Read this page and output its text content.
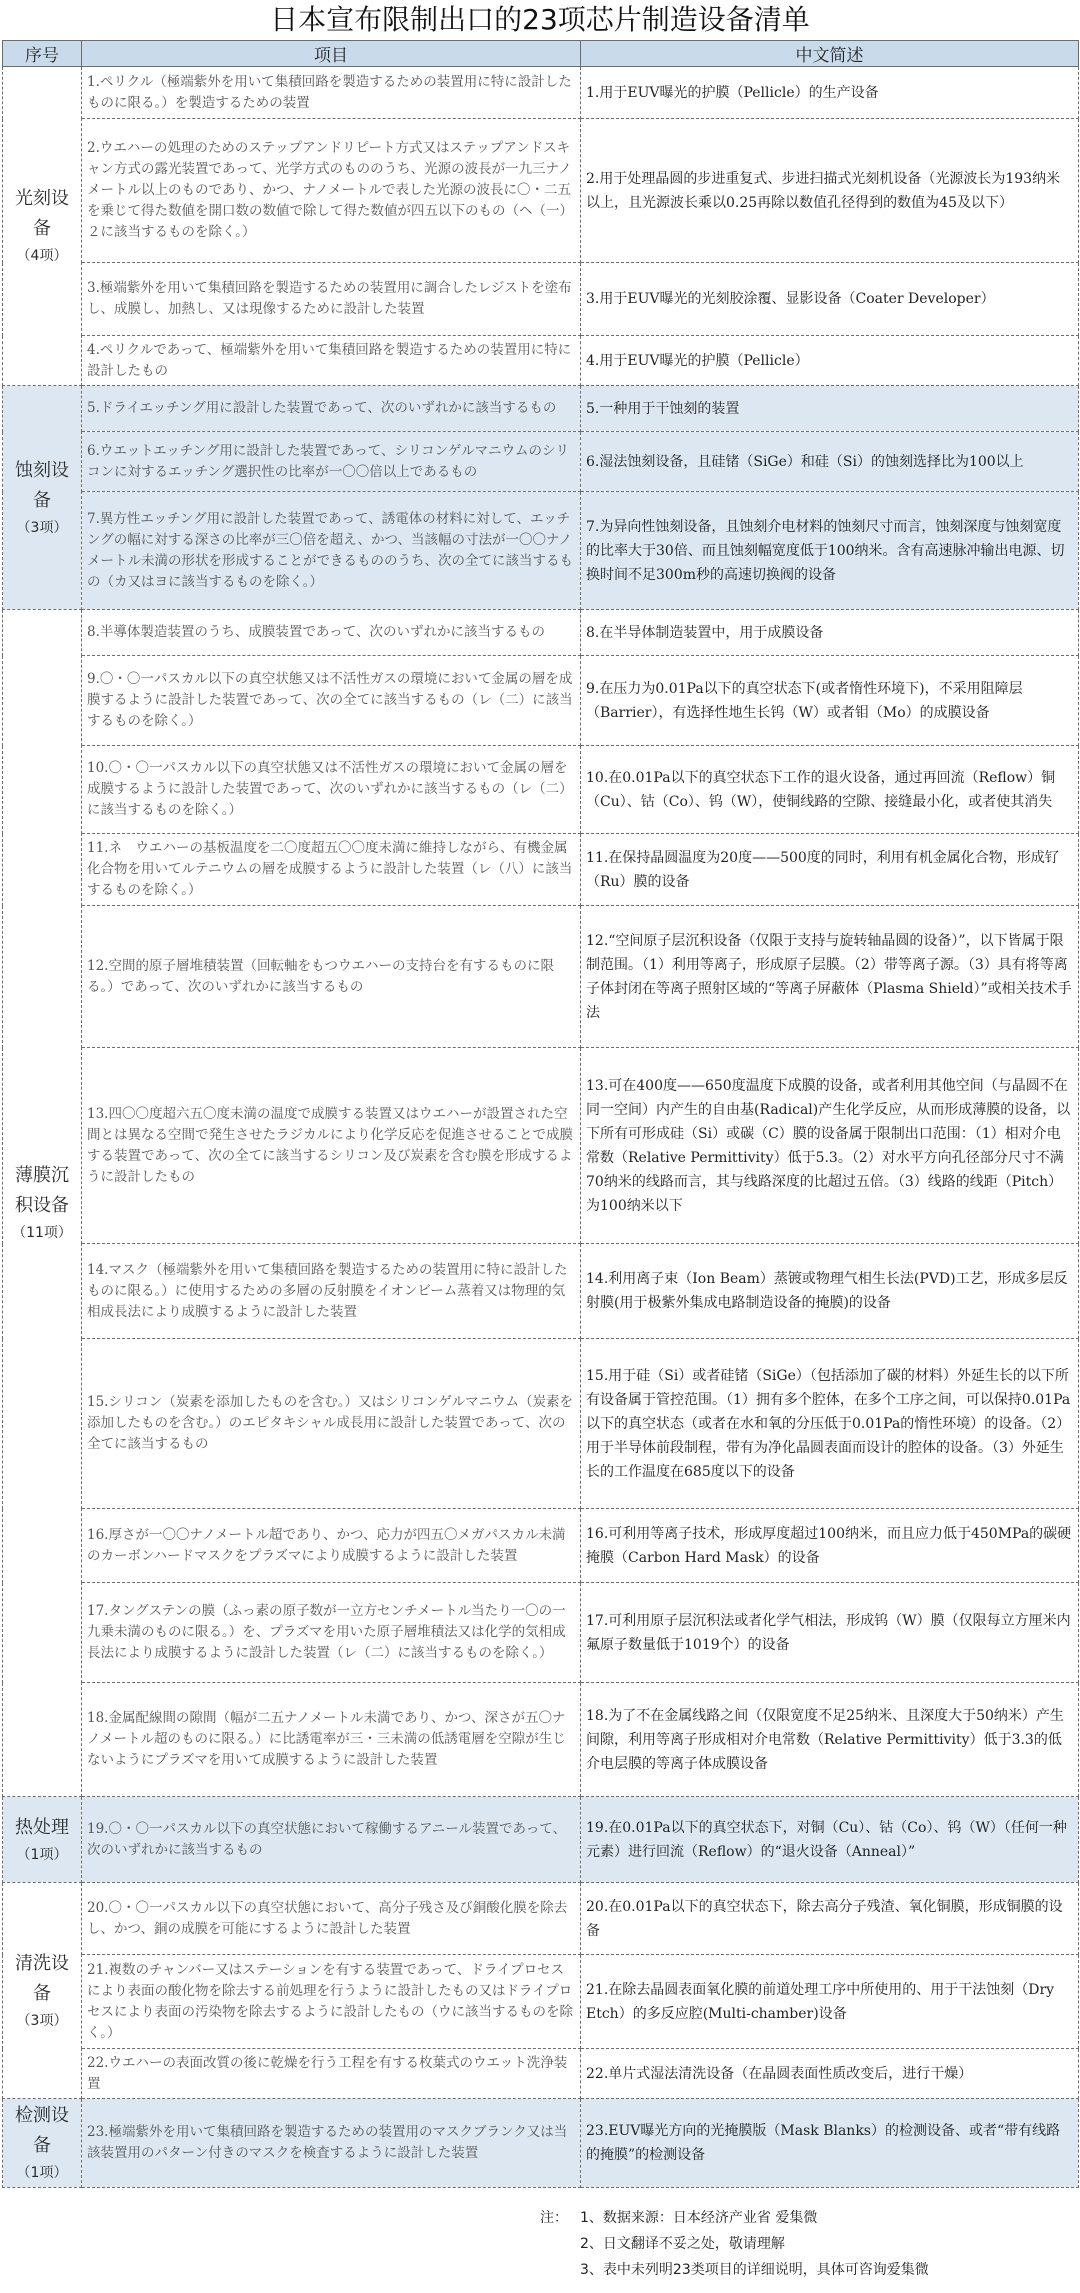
日本宣布限制出口的23项芯片制造设备清单
序号	项目	中文简述
光刻设备
（4项）	1.ペリクル（極端紫外を用いて集積回路を製造するための装置用に特に設計したものに限る。）を製造するための装置	1.用于EUV曝光的护膜（Pellicle）的生产设备
	2.ウエハーの処理のためのステップアンドリピート方式又はステップアンドスキャン方式の露光装置であって、光学方式のもののうち、光源の波長が一九三ナノメートル以上のものであり、かつ、ナノメートルで表した光源の波長に〇・二五を乗じて得た数値を開口数の数値で除して得た数値が四五以下のもの（ヘ（一）２に該当するものを除く。）	2.用于处理晶圆的步进重复式、步进扫描式光刻机设备（光源波长为193纳米以上，且光源波长乘以0.25再除以数值孔径得到的数值为45及以下）
	3.極端紫外を用いて集積回路を製造するための装置用に調合したレジストを塗布し、成膜し、加熱し、又は現像するために設計した装置	3.用于EUV曝光的光刻胶涂覆、显影设备（Coater Developer）
	4.ペリクルであって、極端紫外を用いて集積回路を製造するための装置用に特に設計したもの	4.用于EUV曝光的护膜（Pellicle）
蚀刻设备
（3项）	5.ドライエッチング用に設計した装置であって、次のいずれかに該当するもの	5.一种用于干蚀刻的装置
	6.ウエットエッチング用に設計した装置であって、シリコンゲルマニウムのシリコンに対するエッチング選択性の比率が一〇〇倍以上であるもの	6.湿法蚀刻设备，且硅锗（SiGe）和硅（Si）的蚀刻选择比为100以上
	7.異方性エッチング用に設計した装置であって、誘電体の材料に対して、エッチングの幅に対する深さの比率が三〇倍を超え、かつ、当該幅の寸法が一〇〇ナノメートル未満の形状を形成することができるもののうち、次の全てに該当するもの（カ又はヨに該当するものを除く。）	7.为异向性蚀刻设备，且蚀刻介电材料的蚀刻尺寸而言，蚀刻深度与蚀刻宽度的比率大于30倍、而且蚀刻幅宽度低于100纳米。含有高速脉冲输出电源、切换时间不足300m秒的高速切换阀的设备

薄膜沉积设备
（11项）	8.半導体製造装置のうち、成膜装置であって、次のいずれかに該当するもの	8.在半导体制造装置中，用于成膜设备
	9.〇・〇一パスカル以下の真空状態又は不活性ガスの環境において金属の層を成膜するように設計した装置であって、次の全てに該当するもの（レ（二）に該当するものを除く。）	9.在压力为0.01Pa以下的真空状态下(或者惰性环境下)，不采用阻障层（Barrier），有选择性地生长钨（W）或者钼（Mo）的成膜设备
	10.〇・〇一パスカル以下の真空状態又は不活性ガスの環境において金属の層を成膜するように設計した装置であって、次のいずれかに該当するもの（レ（二）に該当するものを除く。）	10.在0.01Pa以下的真空状态下工作的退火设备，通过再回流（Reflow）铜（Cu）、钴（Co）、钨（W），使铜线路的空隙、接缝最小化，或者使其消失
	11.ネ　ウエハーの基板温度を二〇度超五〇〇度未満に維持しながら、有機金属化合物を用いてルテニウムの層を成膜するように設計した装置（レ（八）に該当するものを除く。）	11.在保持晶圆温度为20度——500度的同时，利用有机金属化合物，形成钌（Ru）膜的设备
	12.空間的原子層堆積装置（回転軸をもつウエハーの支持台を有するものに限る。）であって、次のいずれかに該当するもの	12.“空间原子层沉积设备（仅限于支持与旋转轴晶圆的设备）”，以下皆属于限制范围。（1）利用等离子，形成原子层膜。（2）带等离子源。（3）具有将等离子体封闭在等离子照射区域的“等离子屏蔽体（Plasma Shield）”或相关技术手法
	13.四〇〇度超六五〇度未満の温度で成膜する装置又はウエハーが設置された空間とは異なる空間で発生させたラジカルにより化学反応を促進させることで成膜する装置であって、次の全てに該当するシリコン及び炭素を含む膜を形成するように設計したもの	13.可在400度——650度温度下成膜的设备，或者利用其他空间（与晶圆不在同一空间）内产生的自由基(Radical)产生化学反应，从而形成薄膜的设备，以下所有可形成硅（Si）或碳（C）膜的设备属于限制出口范围：（1）相对介电常数（Relative Permittivity）低于5.3。（2）对水平方向孔径部分尺寸不满70纳米的线路而言，其与线路深度的比超过五倍。（3）线路的线距（Pitch）为100纳米以下
	14.マスク（極端紫外を用いて集積回路を製造するための装置用に特に設計したものに限る。）に使用するための多層の反射膜をイオンビーム蒸着又は物理的気相成長法により成膜するように設計した装置	14.利用离子束（Ion Beam）蒸镀或物理气相生长法(PVD)工艺，形成多层反射膜(用于极紫外集成电路制造设备的掩膜)的设备
	15.シリコン（炭素を添加したものを含む。）又はシリコンゲルマニウム（炭素を添加したものを含む。）のエピタキシャル成長用に設計した装置であって、次の全てに該当するもの	15.用于硅（Si）或者硅锗（SiGe）（包括添加了碳的材料）外延生长的以下所有设备属于管控范围。（1）拥有多个腔体，在多个工序之间，可以保持0.01Pa以下的真空状态（或者在水和氧的分压低于0.01Pa的惰性环境）的设备。（2）用于半导体前段制程，带有为净化晶圆表面而设计的腔体的设备。（3）外延生长的工作温度在685度以下的设备
	16.厚さが一〇〇ナノメートル超であり、かつ、応力が四五〇メガパスカル未満のカーボンハードマスクをプラズマにより成膜するように設計した装置	16.可利用等离子技术，形成厚度超过100纳米，而且应力低于450MPa的碳硬掩膜（Carbon Hard Mask）的设备
	17.タングステンの膜（ふっ素の原子数が一立方センチメートル当たり一〇の一九乗未満のものに限る。）を、プラズマを用いた原子層堆積法又は化学的気相成長法により成膜するように設計した装置（レ（二）に該当するものを除く。）	17.可利用原子层沉积法或者化学气相法，形成钨（W）膜（仅限每立方厘米内氟原子数量低于1019个）的设备
	18.金属配線間の隙間（幅が二五ナノメートル未満であり、かつ、深さが五〇ナノメートル超のものに限る。）に比誘電率が三・三未満の低誘電層を空隙が生じないようにプラズマを用いて成膜するように設計した装置	18.为了不在金属线路之间（仅限宽度不足25纳米、且深度大于50纳米）产生间隙，利用等离子形成相对介电常数（Relative Permittivity）低于3.3的低介电层膜的等离子体成膜设备
热处理
（1项）	19.〇・〇一パスカル以下の真空状態において稼働するアニール装置であって、次のいずれかに該当するもの	19.在0.01Pa以下的真空状态下，对铜（Cu）、钴（Co）、钨（W）（任何一种元素）进行回流（Reflow）的“退火设备（Anneal）”

清洗设备
（3项）	20.〇・〇一パスカル以下の真空状態において、高分子残さ及び銅酸化膜を除去し、かつ、銅の成膜を可能にするように設計した装置	20.在0.01Pa以下的真空状态下，除去高分子残渣、氧化铜膜，形成铜膜的设备
	21.複数のチャンバー又はステーションを有する装置であって、ドライプロセスにより表面の酸化物を除去する前処理を行うように設計したもの又はドライプロセスにより表面の汚染物を除去するように設計したもの（ウに該当するものを除く。）	21.在除去晶圆表面氧化膜的前道处理工序中所使用的、用于干法蚀刻（Dry Etch）的多反应腔(Multi-chamber)设备
	22.ウエハーの表面改質の後に乾燥を行う工程を有する枚葉式のウエット洗浄装置	22.单片式湿法清洗设备（在晶圆表面性质改变后，进行干燥）

检测设备
（1项）	23.極端紫外を用いて集積回路を製造するための装置用のマスクブランク又は当該装置用のパターン付きのマスクを検査するように設計した装置	23.EUV曝光方向的光掩膜版（Mask Blanks）的检测设备、或者“带有线路的掩膜”的检测设备
注： 1、数据来源：日本经济产业省 爱集微
2、日文翻译不妥之处，敬请理解
3、表中未列明23类项目的详细说明，具体可咨询爱集微
